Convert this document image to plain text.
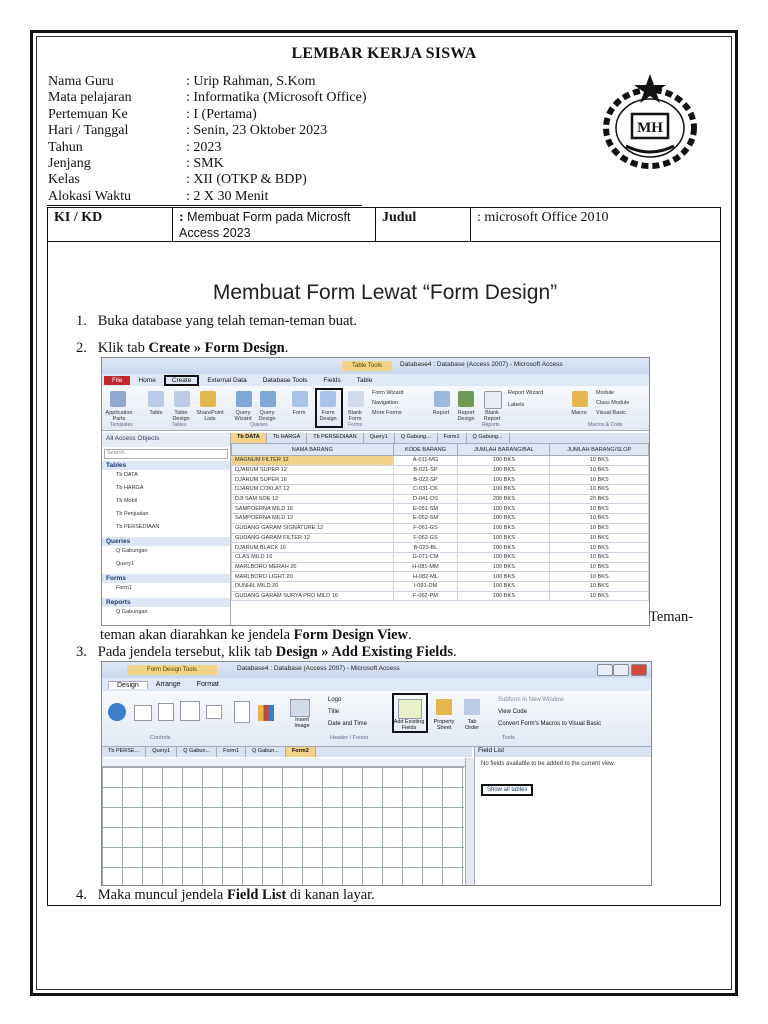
LEMBAR KERJA SISWA
Nama Guru	: Urip Rahman, S.Kom
Mata pelajaran	: Informatika (Microsoft Office)
Pertemuan Ke	: I (Pertama)
Hari / Tanggal	: Senin, 23 Oktober 2023
Tahun	: 2023
Jenjang	: SMK
Kelas	: XII (OTKP & BDP)
Alokasi Waktu	: 2 X 30 Menit
MH
KI / KD	: Membuat Form pada Microsft Access 2023
Judul	: microsoft Office 2010
Membuat Form Lewat “Form Design”
1.   Buka database yang telah teman-teman buat.
2.   Klik tab Create » Form Design.
Table Tools	Database4 : Database (Access 2007) - Microsoft Access
File	Home	Create	External Data	Database Tools	Fields	Table
Application Parts
Table	Table Design
SharePoint Lists
Query Wizard
Query Design
Form	Form Design
Blank Form
Form Wizard
Navigation
More Forms	Report	Report Design
Blank Report
Report Wizard
Labels
Macro
Module
Class Module
Visual Basic
Templates	Tables	Queries	Forms	Reports	Macros & Code
All Access Objects
Search...
Tables
Tb DATA
Tb HARGA
Tb Mobil
Tb Penjualan
Tb PERSEDIAAN
Queries
Q Gabungan
Query1
Forms
Form1
Reports
Q Gabungan
Tb DATA	Tb HARGA	Tb PERSEDIAAN	Query1	Q Gabung...	Form1	Q Gabung...
NAMA BARANG	KODE BARANG	JUMLAH BARANG/BAL	JUMLAH BARANG/SLOP
MAGNUM FILTER 12	A-011-MG	100 BKS	10 BKS
DJARUM SUPER 12	B-021-SP	100 BKS	10 BKS
DJARUM SUPER 16	B-022-SP	100 BKS	10 BKS
DJARUM COKLAT 12	C-031-CK	100 BKS	10 BKS
DJI SAM SOE 12	D-041-DS	200 BKS	20 BKS
SAMPOERNA MILD 16	E-051-SM	100 BKS	10 BKS
SAMPOERNA MILD 12	E-052-SM	100 BKS	10 BKS
GUDANG GARAM SIGNATURE 12	F-061-GS	100 BKS	10 BKS
GUDANG GARAM FILTER 12	F-062-GS	100 BKS	10 BKS
DJARUM BLACK 16	B-023-BL	100 BKS	10 BKS
CLAS MILD 16	G-071-CM	100 BKS	10 BKS
MARLBORO MERAH 20	H-081-MM	100 BKS	10 BKS
MARLBORO LIGHT 20	H-082-ML	100 BKS	10 BKS
DUNHIL MILD 20	I-091-DM	100 BKS	10 BKS
GUDANG GARAM SURYA PRO MILD 16	F-062-PM	100 BKS	10 BKS
Teman-
teman akan diarahkan ke jendela Form Design View.
3.   Pada jendela tersebut, klik tab Design » Add Existing Fields.
Form Design Tools	Database4 : Database (Access 2007) - Microsoft Access
Design	Arrange	Format
Controls
Insert Image
Logo
Title
Date and Time
Header / Footer
Add Existing Fields
Property Sheet
Tab Order
Subform in New Window
View Code
Convert Form's Macros to Visual Basic
Tools
Tb PERSE...	Query1	Q Gabun...	Form1	Q Gabun...	Form2	Field List
No fields available to be added to the current view.
Show all tables
4.   Maka muncul jendela Field List di kanan layar.
